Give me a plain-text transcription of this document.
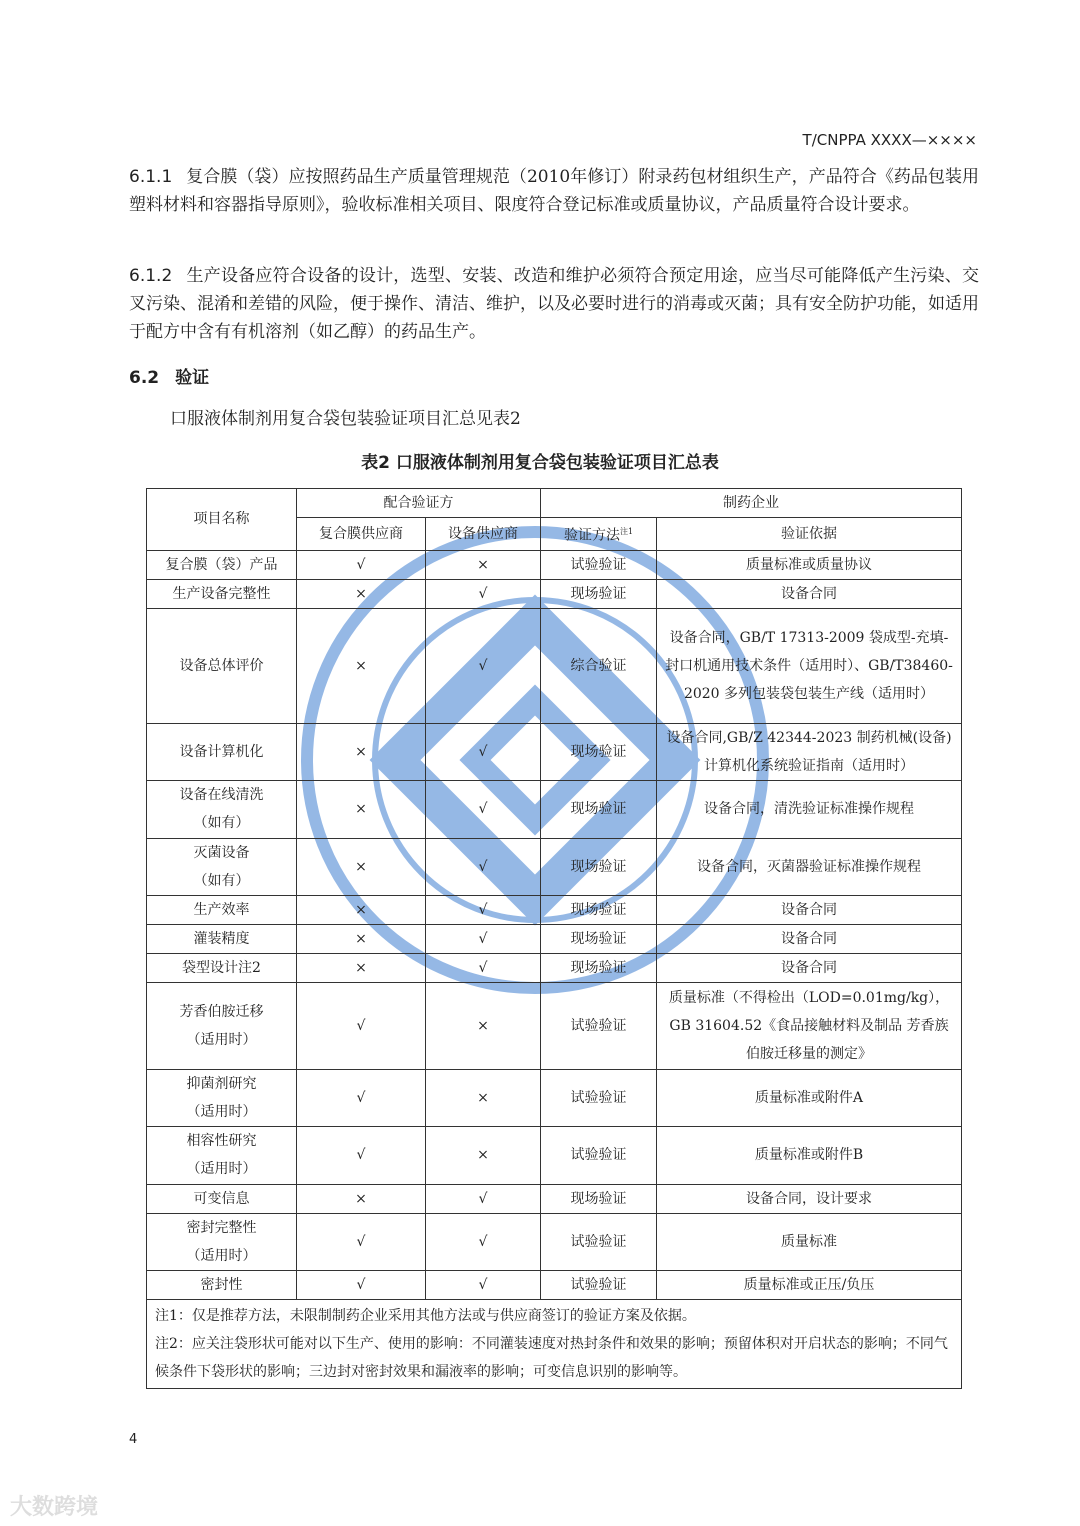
T/CNPPA XXXX—××××
6.1.1 复合膜（袋）应按照药品生产质量管理规范（2010年修订）附录药包材组织生产，产品符合《药品包装用塑料材料和容器指导原则》，验收标准相关项目、限度符合登记标准或质量协议，产品质量符合设计要求。
6.1.2 生产设备应符合设备的设计，选型、安装、改造和维护必须符合预定用途，应当尽可能降低产生污染、交叉污染、混淆和差错的风险，便于操作、清洁、维护，以及必要时进行的消毒或灭菌；具有安全防护功能，如适用于配方中含有有机溶剂（如乙醇）的药品生产。
6.2 验证
口服液体制剂用复合袋包装验证项目汇总见表2
表2 口服液体制剂用复合袋包装验证项目汇总表
项目名称	配合验证方		制药企业	
	复合膜供应商	设备供应商	验证方法$^{注1}$	验证依据
复合膜（袋）产品	√	×	试验验证	质量标准或质量协议
生产设备完整性	×	√	现场验证	设备合同
设备总体评价	×	√	综合验证	设备合同，GB/T 17313-2009 袋成型-充填-封口机通用技术条件（适用时）、GB/T38460-2020 多列包装袋包装生产线（适用时）
设备计算机化	×	√	现场验证	设备合同,GB/Z 42344-2023 制药机械(设备)计算机化系统验证指南（适用时）
设备在线清洗
（如有）	×	√	现场验证	设备合同，清洗验证标准操作规程
灭菌设备
（如有）	×	√	现场验证	设备合同，灭菌器验证标准操作规程
生产效率	×	√	现场验证	设备合同
灌装精度	×	√	现场验证	设备合同
袋型设计注2	×	√	现场验证	设备合同
芳香伯胺迁移
（适用时）	√	×	试验验证	质量标准（不得检出（LOD=0.01mg/kg），GB 31604.52《食品接触材料及制品 芳香族伯胺迁移量的测定》
抑菌剂研究
（适用时）	√	×	试验验证	质量标准或附件A
相容性研究
（适用时）	√	×	试验验证	质量标准或附件B
可变信息	×	√	现场验证	设备合同，设计要求
密封完整性
（适用时）	√	√	试验验证	质量标准
密封性	√	√	试验验证	质量标准或正压/负压

注1：仅是推荐方法，未限制制药企业采用其他方法或与供应商签订的验证方案及依据。
注2：应关注袋形状可能对以下生产、使用的影响：不同灌装速度对热封条件和效果的影响；预留体积对开启状态的影响；不同气候条件下袋形状的影响；三边封对密封效果和漏液率的影响；可变信息识别的影响等。				
4
大数跨境
